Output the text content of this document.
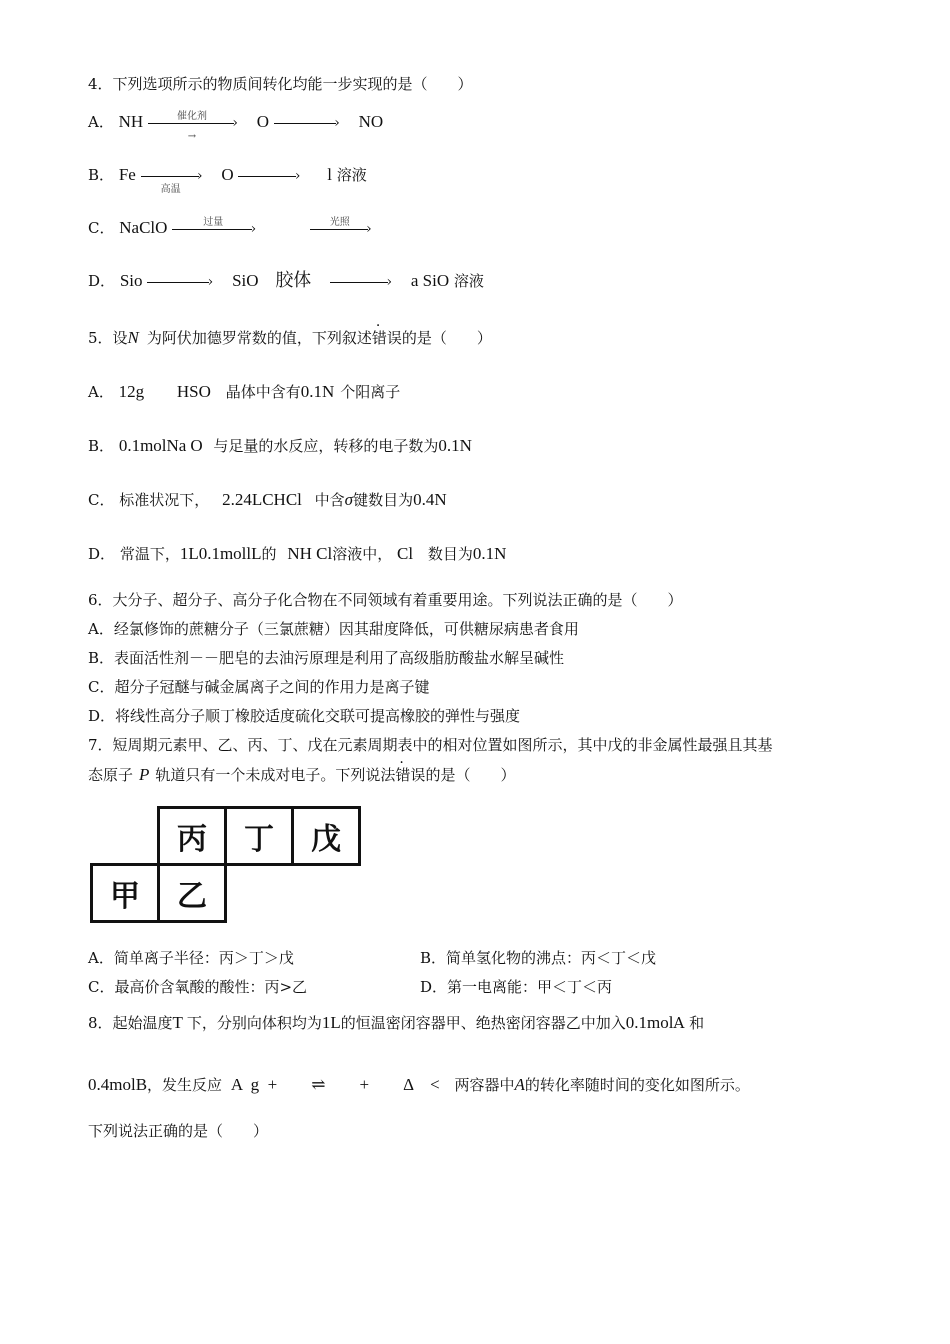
4．下列选项所示的物质间转化均能一步实现的是（　　）
A． NH	催化剂	›
→
O	› NO
B． Fe	›
高温
O	› l 溶液
C． NaClO	过量	›
	光照	›
D． Sio	› SiO 胶体	› a SiO 溶液
5．设N 为阿伏加德罗常数的值，下列叙述错误的是（　　）
A． 12g HSO 晶体中含有0.1N 个阳离子
B． 0.1molNa O 与足量的水反应，转移的电子数为0.1N
C． 标准状况下， 2.24LCHCl 中含σ键数目为0.4N
D． 常温下，1L0.1mollL的 NH Cl溶液中， Cl 数目为0.1N
6．大分子、超分子、高分子化合物在不同领域有着重要用途。下列说法正确的是（　　）
A．经氯修饰的蔗糖分子（三氯蔗糖）因其甜度降低，可供糖尿病患者食用
B．表面活性剂－－肥皂的去油污原理是利用了高级脂肪酸盐水解呈碱性
C．超分子冠醚与碱金属离子之间的作用力是离子键
D．将线性高分子顺丁橡胶适度硫化交联可提高橡胶的弹性与强度
7．短周期元素甲、乙、丙、丁、戊在元素周期表中的相对位置如图所示，其中戊的非金属性最强且其基
态原子 P 轨道只有一个未成对电子。下列说法错误的是（　　）
	丙	丁	戊
甲	乙		
A．简单离子半径：丙＞丁＞戊	B．简单氢化物的沸点：丙＜丁＜戊
C．最高价含氧酸的酸性：丙>乙	D．第一电离能：甲＜丁＜丙
8．起始温度T 下，分别向体积均为1L的恒温密闭容器甲、绝热密闭容器乙中加入0.1molA 和
0.4molB，发生反应 A  g  +        ⇌        +        Δ    < 两容器中A的转化率随时间的变化如图所示。
下列说法正确的是（　　）
